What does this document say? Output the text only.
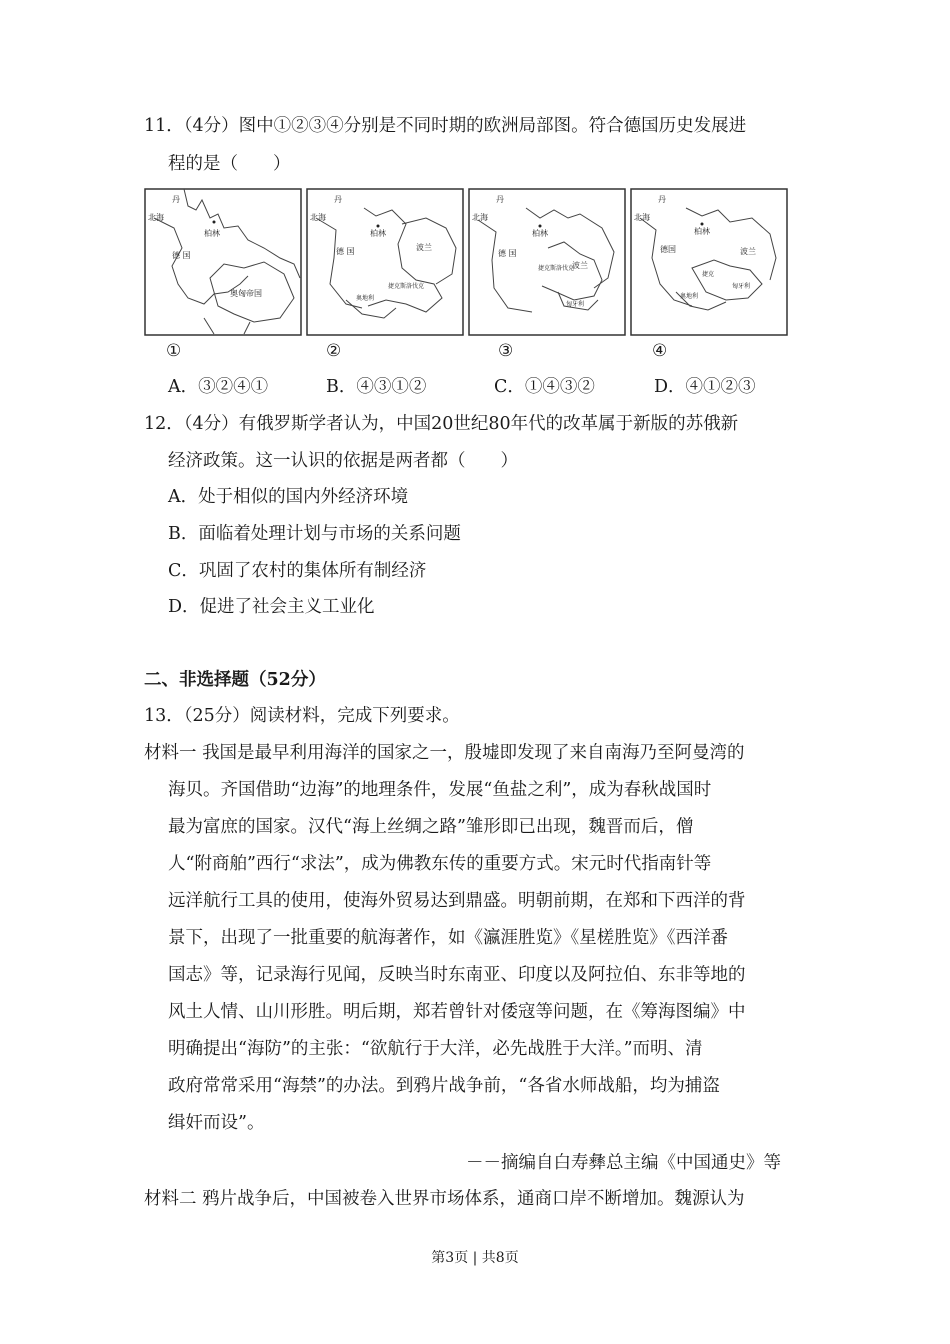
11．（4分）图中①②③④分别是不同时期的欧洲局部图。符合德国历史发展进
程的是（　　）
北海
丹
柏林
德 国
奥匈帝国
①
北海
丹
柏林
德 国	波兰
捷克斯洛伐克
奥地利
②
北海
丹
柏林
德 国
波兰
捷克斯洛伐克
匈牙利
③
北海
丹
柏林
德国	波兰
捷克
匈牙利
奥地利
④
A．③②④①	B．④③①②	C．①④③②	D．④①②③
12．（4分）有俄罗斯学者认为，中国20世纪80年代的改革属于新版的苏俄新
经济政策。这一认识的依据是两者都（　　）
A．处于相似的国内外经济环境
B．面临着处理计划与市场的关系问题
C．巩固了农村的集体所有制经济
D．促进了社会主义工业化
二、非选择题（52分）
13．（25分）阅读材料，完成下列要求。
材料一 我国是最早利用海洋的国家之一，殷墟即发现了来自南海乃至阿曼湾的
海贝。齐国借助“边海”的地理条件，发展“鱼盐之利”，成为春秋战国时
最为富庶的国家。汉代“海上丝绸之路”雏形即已出现，魏晋而后，僧
人“附商舶”西行“求法”，成为佛教东传的重要方式。宋元时代指南针等
远洋航行工具的使用，使海外贸易达到鼎盛。明朝前期，在郑和下西洋的背
景下，出现了一批重要的航海著作，如《瀛涯胜览》《星槎胜览》《西洋番
国志》等，记录海行见闻，反映当时东南亚、印度以及阿拉伯、东非等地的
风土人情、山川形胜。明后期，郑若曾针对倭寇等问题，在《筹海图编》中
明确提出“海防”的主张：“欲航行于大洋，必先战胜于大洋。”而明、清
政府常常采用“海禁”的办法。到鸦片战争前，“各省水师战船，均为捕盗
缉奸而设”。
－－摘编自白寿彝总主编《中国通史》等
材料二 鸦片战争后，中国被卷入世界市场体系，通商口岸不断增加。魏源认为
第3页 | 共8页
